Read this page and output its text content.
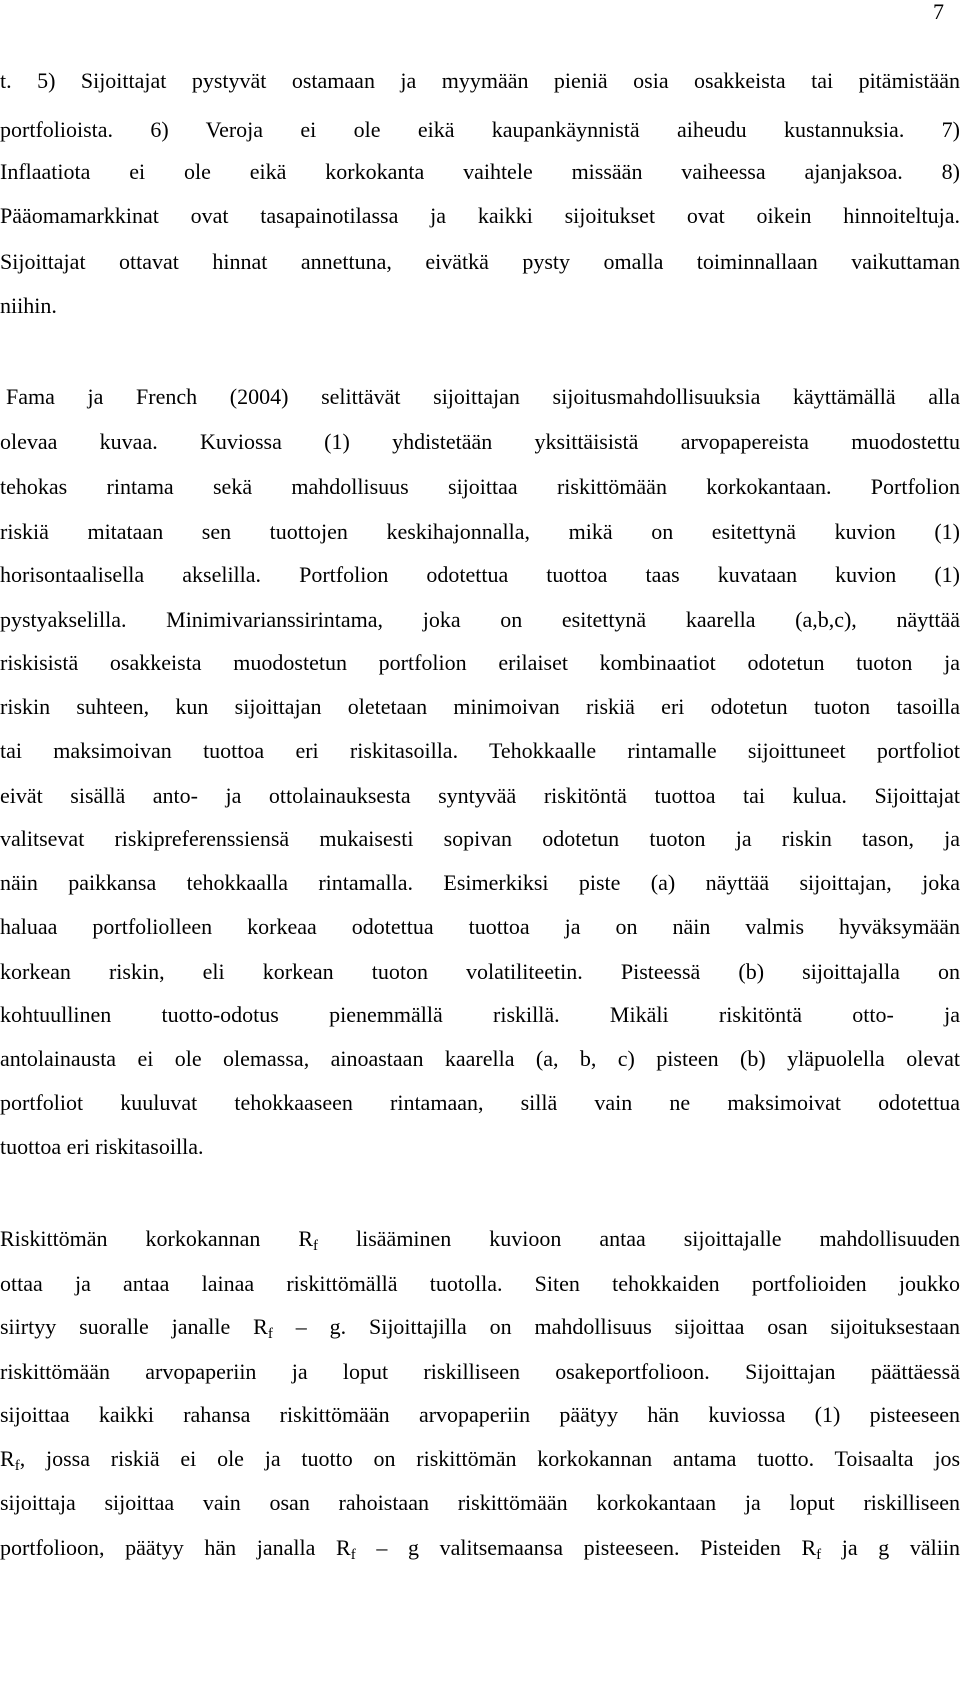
7
t. 5) Sijoittajat pystyvät ostamaan ja myymään pieniä osia osakkeista tai pitämistään
portfolioista. 6) Veroja ei ole eikä kaupankäynnistä aiheudu kustannuksia. 7)
Inflaatiota ei ole eikä korkokanta vaihtele missään vaiheessa ajanjaksoa. 8)
Pääomamarkkinat ovat tasapainotilassa ja kaikki sijoitukset ovat oikein hinnoiteltuja.
Sijoittajat ottavat hinnat annettuna, eivätkä pysty omalla toiminnallaan vaikuttaman
niihin.
Fama ja French (2004) selittävät sijoittajan sijoitusmahdollisuuksia käyttämällä alla
olevaa kuvaa. Kuviossa (1) yhdistetään yksittäisistä arvopapereista muodostettu
tehokas rintama sekä mahdollisuus sijoittaa riskittömään korkokantaan. Portfolion
riskiä mitataan sen tuottojen keskihajonnalla, mikä on esitettynä kuvion (1)
horisontaalisella akselilla. Portfolion odotettua tuottoa taas kuvataan kuvion (1)
pystyakselilla. Minimivarianssirintama, joka on esitettynä kaarella (a,b,c), näyttää
riskisistä osakkeista muodostetun portfolion erilaiset kombinaatiot odotetun tuoton ja
riskin suhteen, kun sijoittajan oletetaan minimoivan riskiä eri odotetun tuoton tasoilla
tai maksimoivan tuottoa eri riskitasoilla. Tehokkaalle rintamalle sijoittuneet portfoliot
eivät sisällä anto- ja ottolainauksesta syntyvää riskitöntä tuottoa tai kulua. Sijoittajat
valitsevat riskipreferenssiensä mukaisesti sopivan odotetun tuoton ja riskin tason, ja
näin paikkansa tehokkaalla rintamalla. Esimerkiksi piste (a) näyttää sijoittajan, joka
haluaa portfoliolleen korkeaa odotettua tuottoa ja on näin valmis hyväksymään
korkean riskin, eli korkean tuoton volatiliteetin. Pisteessä (b) sijoittajalla on
kohtuullinen tuotto-odotus pienemmällä riskillä. Mikäli riskitöntä otto- ja
antolainausta ei ole olemassa, ainoastaan kaarella (a, b, c) pisteen (b) yläpuolella olevat
portfoliot kuuluvat tehokkaaseen rintamaan, sillä vain ne maksimoivat odotettua
tuottoa eri riskitasoilla.
Riskittömän korkokannan $R_f$ lisääminen kuvioon antaa sijoittajalle mahdollisuuden
ottaa ja antaa lainaa riskittömällä tuotolla. Siten tehokkaiden portfolioiden joukko
siirtyy suoralle janalle $R_f$ – g. Sijoittajilla on mahdollisuus sijoittaa osan sijoituksestaan
riskittömään arvopaperiin ja loput riskilliseen osakeportfolioon. Sijoittajan päättäessä
sijoittaa kaikki rahansa riskittömään arvopaperiin päätyy hän kuviossa (1) pisteeseen
$R_f$, jossa riskiä ei ole ja tuotto on riskittömän korkokannan antama tuotto. Toisaalta jos
sijoittaja sijoittaa vain osan rahoistaan riskittömään korkokantaan ja loput riskilliseen
portfolioon, päätyy hän janalla $R_f$ – g valitsemaansa pisteeseen. Pisteiden $R_f$ ja g väliin
